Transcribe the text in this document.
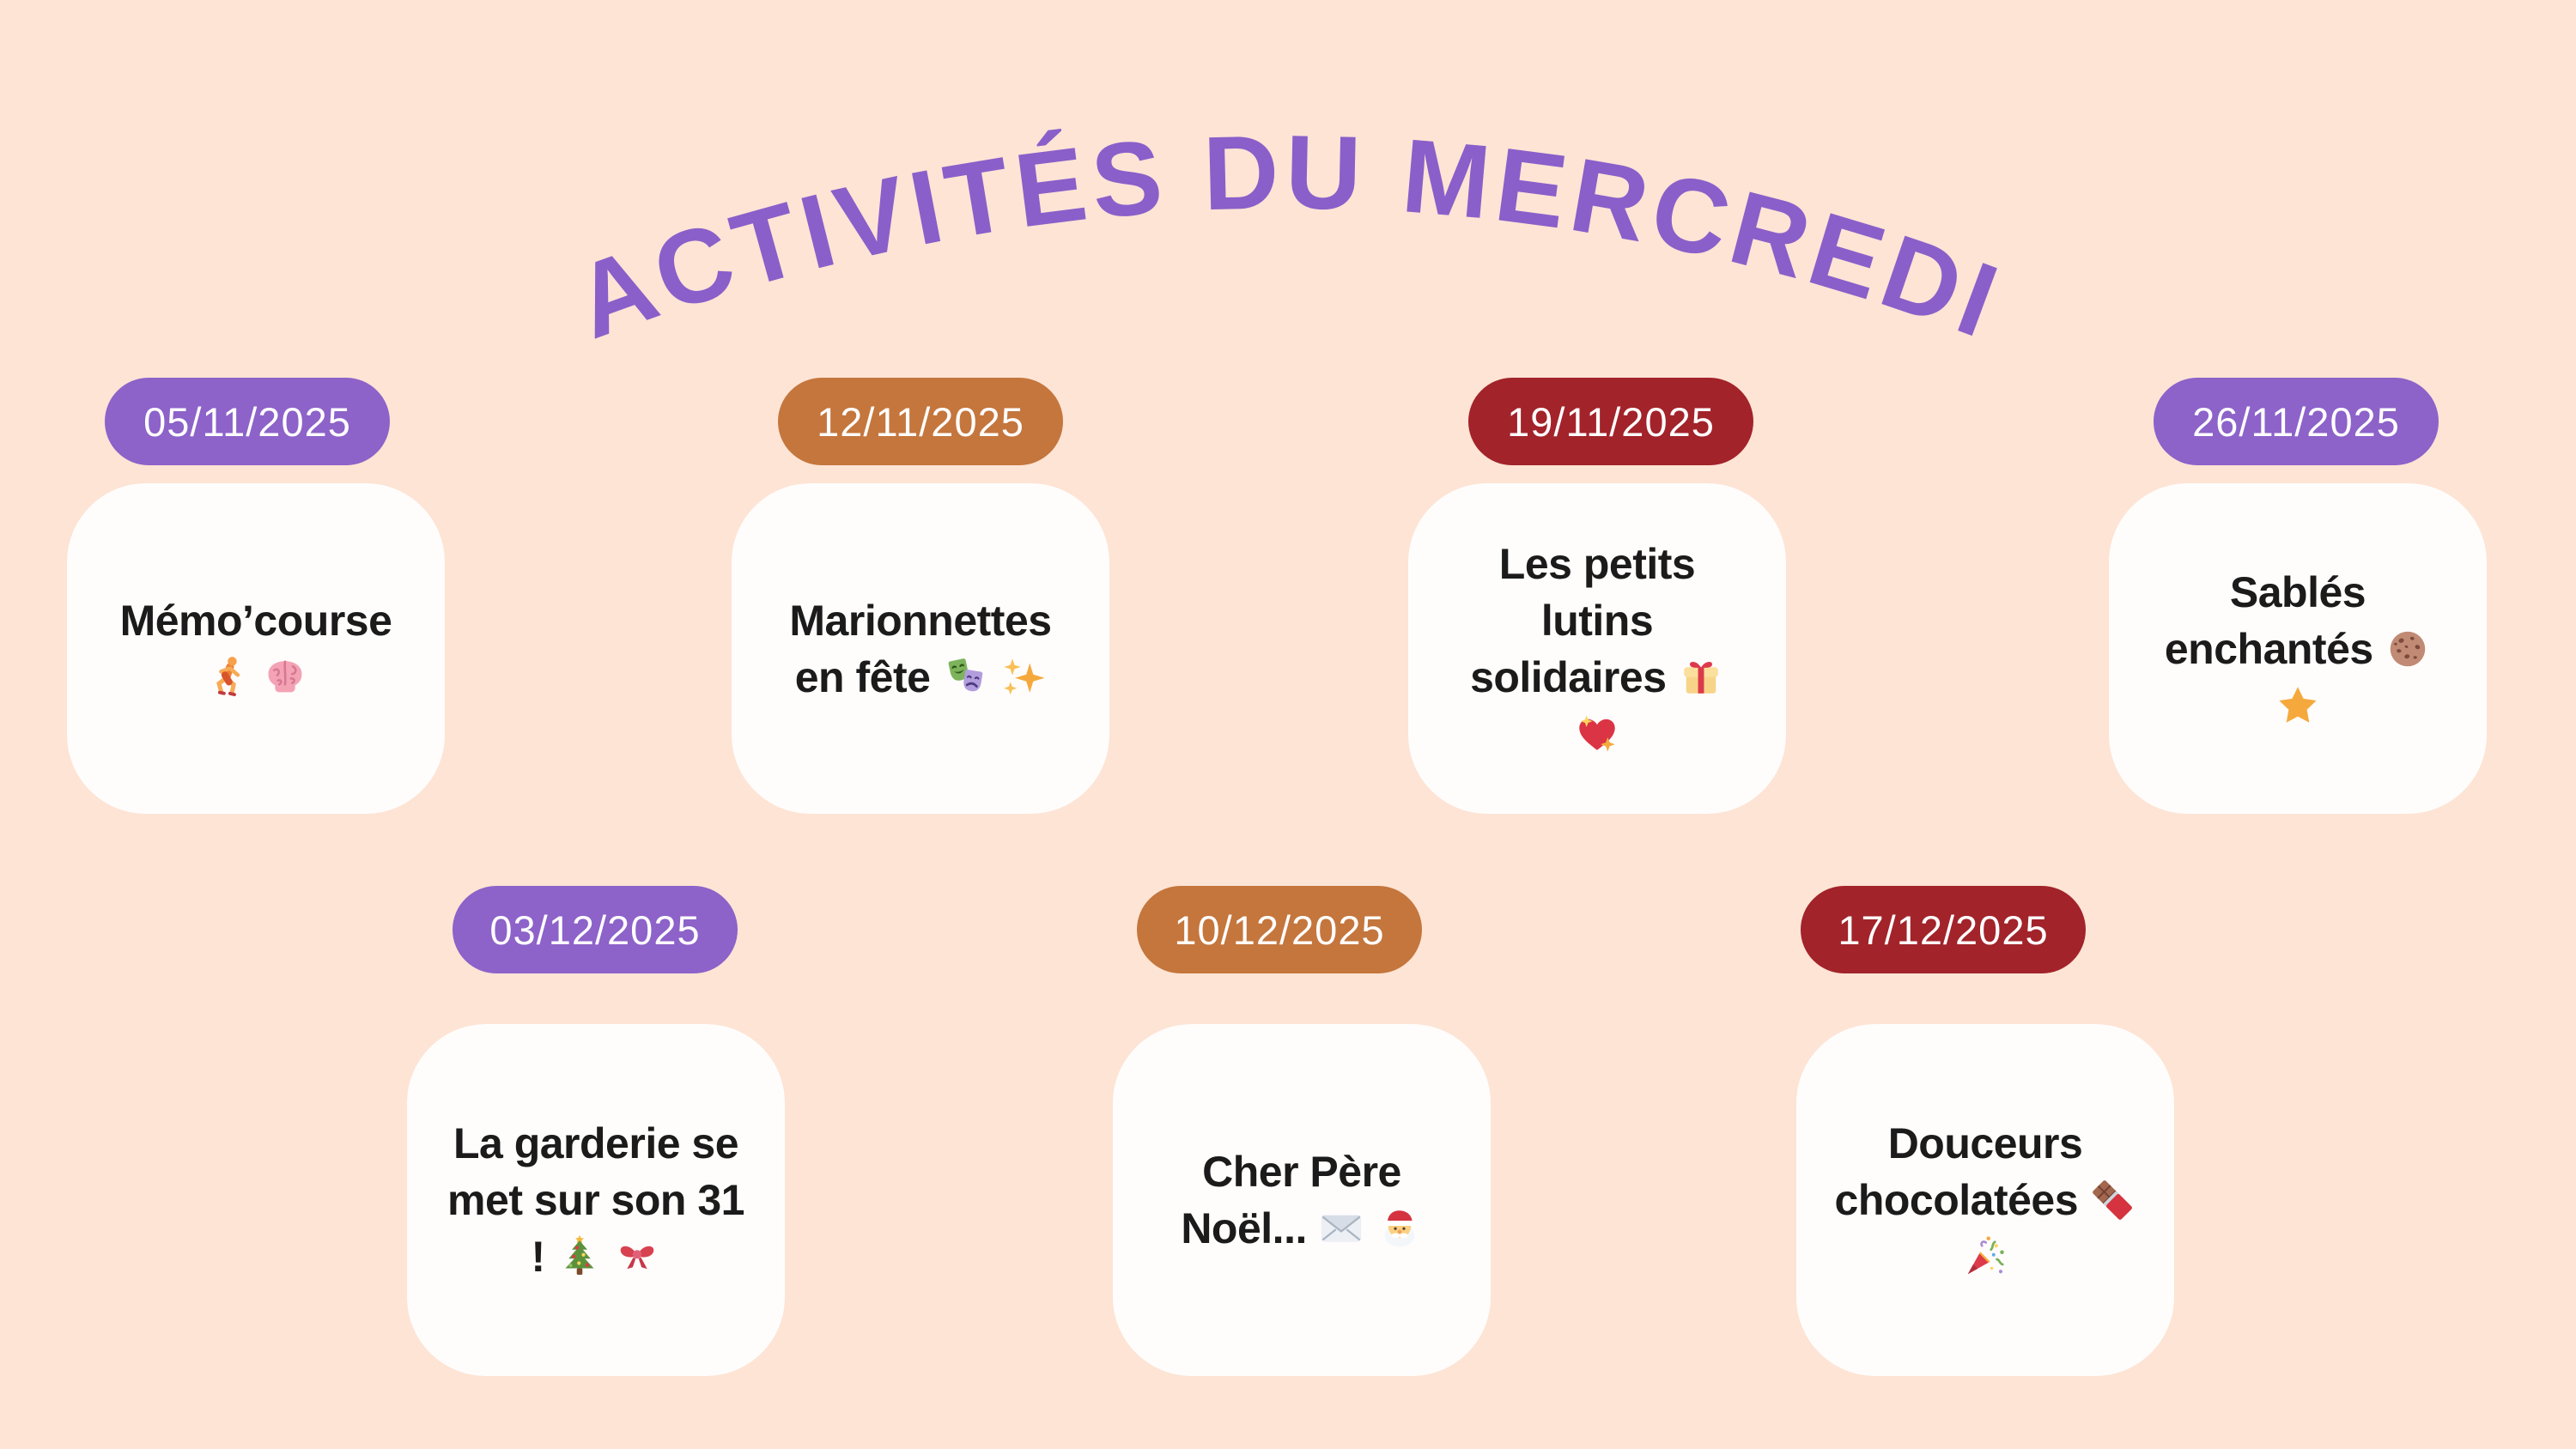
ACTIVITÉS DU MERCREDI
05/11/2025

Mémo’course

12/11/2025

Marionnettes en fête

19/11/2025

Les petits lutins solidaires

26/11/2025

Sablés enchantés

03/12/2025

La garderie se met sur son 31 !

10/12/2025

Cher Père Noël...

17/12/2025

Douceurs chocolatées
